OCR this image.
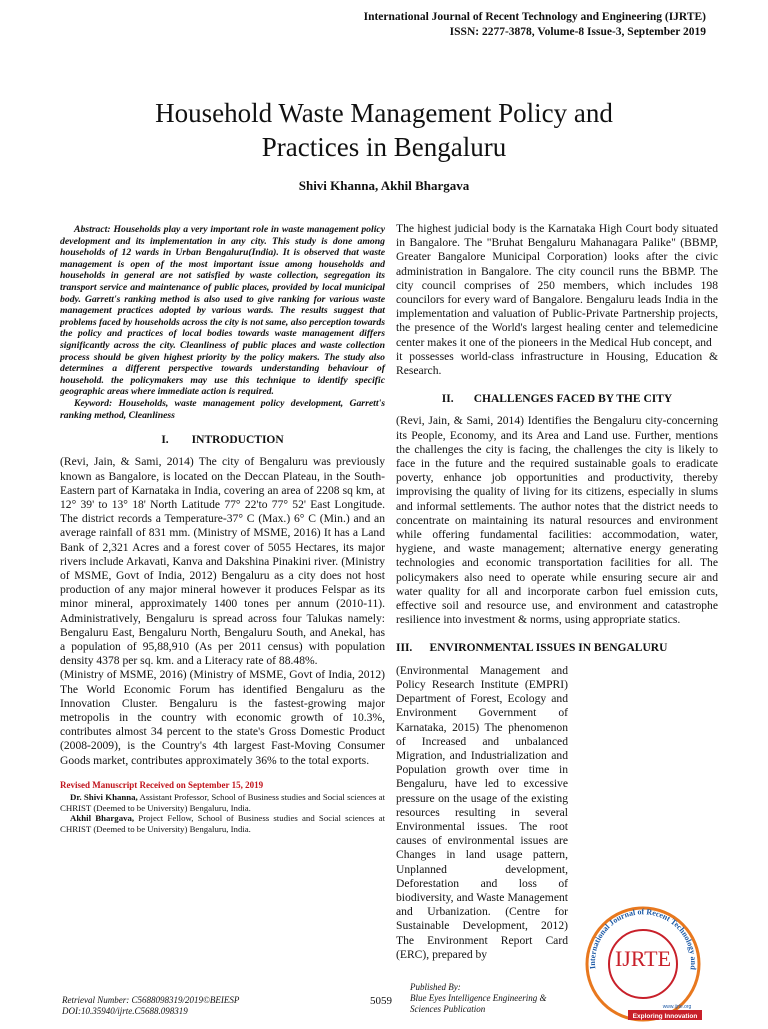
International Journal of Recent Technology and Engineering (IJRTE)
ISSN: 2277-3878, Volume-8 Issue-3, September 2019
Household Waste Management Policy and
Practices in Bengaluru
Shivi Khanna, Akhil Bhargava

Abstract: Households play a very important role in waste management policy development and its implementation in any city. This study is done among households of 12 wards in Urban Bengaluru(India). It is observed that waste management is open of the most important issue among households and households in general are not satisfied by waste collection, segregation its transport service and maintenance of public places, provided by local municipal body. Garrett's ranking method is also used to give ranking for various waste management practices adopted by various wards. The results suggest that problems faced by households across the city is not same, also perception towards the policy and practices of local bodies towards waste management differs significantly across the city. Cleanliness of public places and waste collection process should be given highest priority by the policy makers. The study also determines a different perspective towards understanding behaviour of household. the policymakers may use this technique to identify specific geographic areas where immediate action is required.

Keyword: Households, waste management policy development, Garrett's ranking method, Cleanliness

I.        INTRODUCTION

(Revi, Jain, & Sami, 2014) The city of Bengaluru was previously known as Bangalore, is located on the Deccan Plateau, in the South-Eastern part of Karnataka in India, covering an area of 2208 sq km, at 12° 39' to 13° 18' North Latitude 77° 22'to 77° 52' East Longitude. The district records a Temperature-37° C (Max.) 6° C (Min.) and an average rainfall of 831 mm. (Ministry of MSME, 2016) It has a Land Bank of 2,321 Acres and a forest cover of 5055 Hectares, its major rivers include Arkavati, Kanva and Dakshina Pinakini river. (Ministry of MSME, Govt of India, 2012) Bengaluru as a city does not host production of any major mineral however it produces Felspar as its minor mineral, approximately 1400 tones per annum (2010-11). Administratively, Bengaluru is spread across four Talukas namely: Bengaluru East, Bengaluru North, Bengaluru South, and Anekal, has a population of 95,88,910 (As per 2011 census) with population density 4378 per sq. km. and a Literacy rate of 88.48%.

(Ministry of MSME, 2016) (Ministry of MSME, Govt of India, 2012) The World Economic Forum has identified Bengaluru as the Innovation Cluster. Bengaluru is the fastest-growing major metropolis in the country with economic growth of 10.3%, contributes almost 34 percent to the state's Gross Domestic Product (2008-2009), is the Country's 4th largest Fast-Moving Consumer Goods market, contributes approximately 36% to the total exports.

Revised Manuscript Received on September 15, 2019

Dr. Shivi Khanna, Assistant Professor, School of Business studies and Social sciences at CHRIST (Deemed to be University) Bengaluru, India.

Akhil Bhargava, Project Fellow, School of Business studies and Social sciences at CHRIST (Deemed to be University) Bengaluru, India.

The highest judicial body is the Karnataka High Court body situated in Bangalore. The "Bruhat Bengaluru Mahanagara Palike" (BBMP, Greater Bangalore Municipal Corporation) looks after the civic administration in Bangalore. The city council runs the BBMP. The city council comprises of 250 members, which includes 198 councilors for every ward of Bangalore. Bengaluru leads India in the implementation and valuation of Public-Private Partnership projects, the presence of the World's largest healing center and telemedicine center makes it one of the pioneers in the Medical Hub concept, and

it possesses world-class infrastructure in Housing, Education & Research.

II.       CHALLENGES FACED BY THE CITY

(Revi, Jain, & Sami, 2014) Identifies the Bengaluru city-concerning its People, Economy, and its Area and Land use. Further, mentions the challenges the city is facing, the challenges the city is likely to face in the future and the required sustainable goals to eradicate poverty, enhance job opportunities and productivity, thereby improvising the quality of living for its citizens, especially in slums and informal settlements. The author notes that the district needs to concentrate on maintaining its natural resources and environment while offering fundamental facilities: accommodation, water, hygiene, and waste management; alternative energy generating technologies and economic transportation facilities for all. The policymakers also need to operate while ensuring secure air and water quality for all and incorporate carbon fuel emission cuts, effective soil and resource use, and environment and catastrophe resilience into investment & norms, using appropriate statics.

III.      ENVIRONMENTAL ISSUES IN BENGALURU

(Environmental Management and Policy Research Institute (EMPRI) Department of Forest, Ecology and Environment Government of Karnataka, 2015) The phenomenon of Increased and unbalanced Migration, and Industrialization and Population growth over time in Bengaluru, have led to excessive pressure on the usage of the existing resources resulting in several Environmental issues. The root causes of environmental issues are Changes in land usage pattern, Unplanned development, Deforestation and loss of biodiversity, and Waste Management and Urbanization. (Centre for Sustainable Development, 2012) The Environment Report Card (ERC), prepared by

International Journal of Recent Technology and
IJRTE
www.ijrte.org
Exploring Innovation
Retrieval Number: C5688098319/2019©BEIESP
DOI:10.35940/ijrte.C5688.098319
5059
Published By:
Blue Eyes Intelligence Engineering &
Sciences Publication
